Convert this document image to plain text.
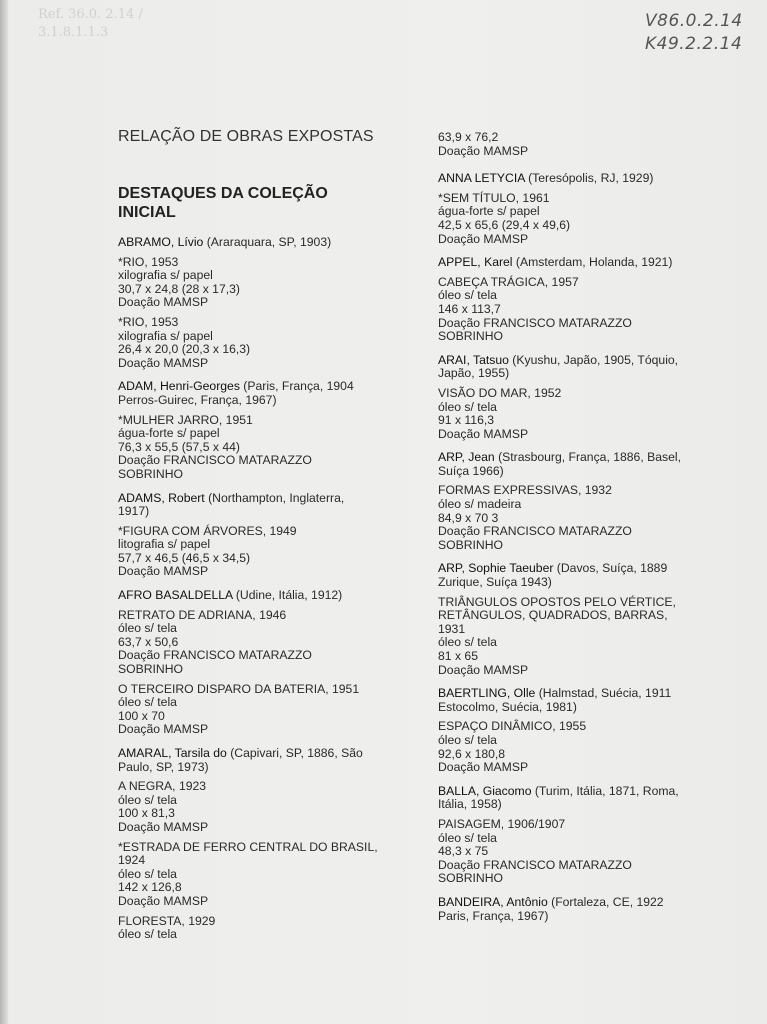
Ref. 36.0. 2.14 / 3.1.8.1.1.3
V86.0.2.14
K49.2.2.14
RELAÇÃO DE OBRAS EXPOSTAS
DESTAQUES DA COLEÇÃO
INICIAL
ABRAMO, Lívio (Araraquara, SP, 1903)
*RIO, 1953
xilografia s/ papel
30,7 x 24,8 (28 x 17,3)
Doação MAMSP
*RIO, 1953
xilografia s/ papel
26,4 x 20,0 (20,3 x 16,3)
Doação MAMSP
ADAM, Henri-Georges (Paris, França, 1904
Perros-Guirec, França, 1967)
*MULHER JARRO, 1951
água-forte s/ papel
76,3 x 55,5 (57,5 x 44)
Doação FRANCISCO MATARAZZO
SOBRINHO
ADAMS, Robert (Northampton, Inglaterra,
1917)
*FIGURA COM ÁRVORES, 1949
litografia s/ papel
57,7 x 46,5 (46,5 x 34,5)
Doação MAMSP
AFRO BASALDELLA (Udine, Itália, 1912)
RETRATO DE ADRIANA, 1946
óleo s/ tela
63,7 x 50,6
Doação FRANCISCO MATARAZZO
SOBRINHO
O TERCEIRO DISPARO DA BATERIA, 1951
óleo s/ tela
100 x 70
Doação MAMSP
AMARAL, Tarsila do (Capivari, SP, 1886, São
Paulo, SP, 1973)
A NEGRA, 1923
óleo s/ tela
100 x 81,3
Doação MAMSP
*ESTRADA DE FERRO CENTRAL DO BRASIL,
1924
óleo s/ tela
142 x 126,8
Doação MAMSP
FLORESTA, 1929
óleo s/ tela
63,9 x 76,2
Doação MAMSP
ANNA LETYCIA (Teresópolis, RJ, 1929)
*SEM TÍTULO, 1961
água-forte s/ papel
42,5 x 65,6 (29,4 x 49,6)
Doação MAMSP
APPEL, Karel (Amsterdam, Holanda, 1921)
CABEÇA TRÁGICA, 1957
óleo s/ tela
146 x 113,7
Doação FRANCISCO MATARAZZO
SOBRINHO
ARAI, Tatsuo (Kyushu, Japão, 1905, Tóquio,
Japão, 1955)
VISÃO DO MAR, 1952
óleo s/ tela
91 x 116,3
Doação MAMSP
ARP, Jean (Strasbourg, França, 1886, Basel,
Suíça 1966)
FORMAS EXPRESSIVAS, 1932
óleo s/ madeira
84,9 x 70 3
Doação FRANCISCO MATARAZZO
SOBRINHO
ARP, Sophie Taeuber (Davos, Suíça, 1889
Zurique, Suíça 1943)
TRIÂNGULOS OPOSTOS PELO VÉRTICE,
RETÂNGULOS, QUADRADOS, BARRAS,
1931
óleo s/ tela
81 x 65
Doação MAMSP
BAERTLING, Olle (Halmstad, Suécia, 1911
Estocolmo, Suécia, 1981)
ESPAÇO DINÂMICO, 1955
óleo s/ tela
92,6 x 180,8
Doação MAMSP
BALLA, Giacomo (Turim, Itália, 1871, Roma,
Itália, 1958)
PAISAGEM, 1906/1907
óleo s/ tela
48,3 x 75
Doação FRANCISCO MATARAZZO
SOBRINHO
BANDEIRA, Antônio (Fortaleza, CE, 1922
Paris, França, 1967)
